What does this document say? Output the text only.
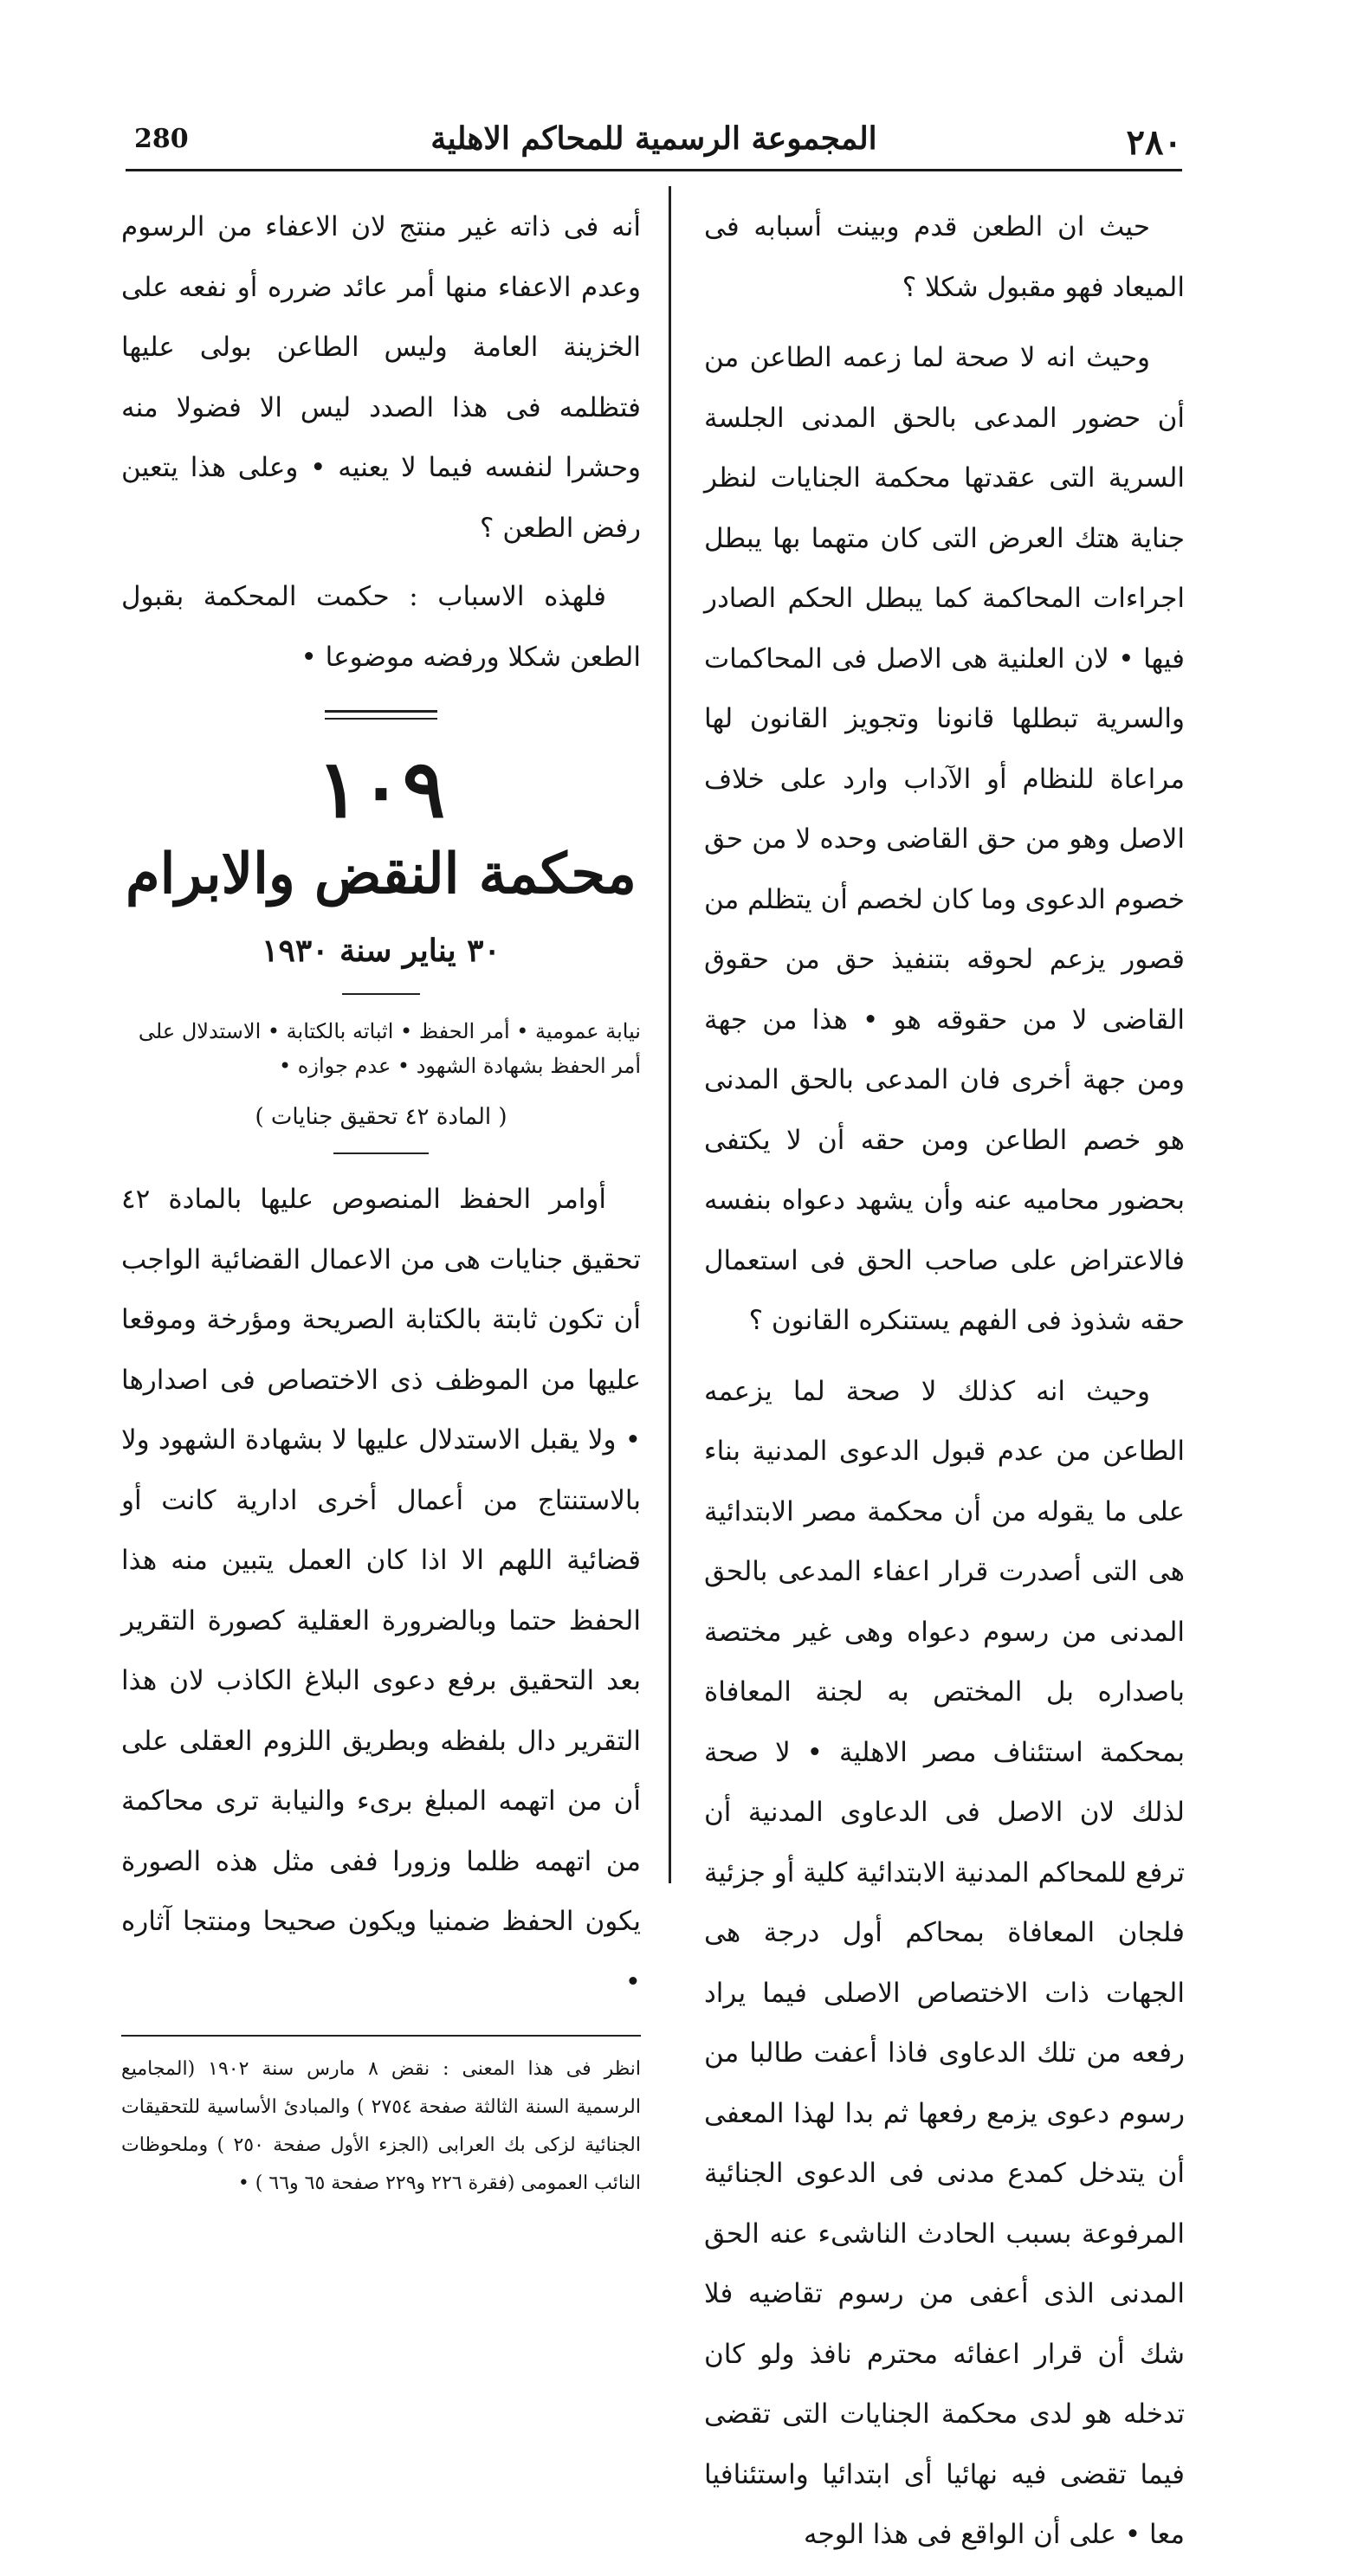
٢٨٠
المجموعة الرسمية للمحاكم الاهلية
280

حيث ان الطعن قدم وبينت أسبابه فى الميعاد فهو مقبول شكلا ؟

وحيث انه لا صحة لما زعمه الطاعن من أن حضور المدعى بالحق المدنى الجلسة السرية التى عقدتها محكمة الجنايات لنظر جناية هتك العرض التى كان متهما بها يبطل اجراءات المحاكمة كما يبطل الحكم الصادر فيها • لان العلنية هى الاصل فى المحاكمات والسرية تبطلها قانونا وتجويز القانون لها مراعاة للنظام أو الآداب وارد على خلاف الاصل وهو من حق القاضى وحده لا من حق خصوم الدعوى وما كان لخصم أن يتظلم من قصور يزعم لحوقه بتنفيذ حق من حقوق القاضى لا من حقوقه هو • هذا من جهة ومن جهة أخرى فان المدعى بالحق المدنى هو خصم الطاعن ومن حقه أن لا يكتفى بحضور محاميه عنه وأن يشهد دعواه بنفسه فالاعتراض على صاحب الحق فى استعمال حقه شذوذ فى الفهم يستنكره القانون ؟

وحيث انه كذلك لا صحة لما يزعمه الطاعن من عدم قبول الدعوى المدنية بناء على ما يقوله من أن محكمة مصر الابتدائية هى التى أصدرت قرار اعفاء المدعى بالحق المدنى من رسوم دعواه وهى غير مختصة باصداره بل المختص به لجنة المعافاة بمحكمة استئناف مصر الاهلية • لا صحة لذلك لان الاصل فى الدعاوى المدنية أن ترفع للمحاكم المدنية الابتدائية كلية أو جزئية فلجان المعافاة بمحاكم أول درجة هى الجهات ذات الاختصاص الاصلى فيما يراد رفعه من تلك الدعاوى فاذا أعفت طالبا من رسوم دعوى يزمع رفعها ثم بدا لهذا المعفى أن يتدخل كمدع مدنى فى الدعوى الجنائية المرفوعة بسبب الحادث الناشىء عنه الحق المدنى الذى أعفى من رسوم تقاضيه فلا شك أن قرار اعفائه محترم نافذ ولو كان تدخله هو لدى محكمة الجنايات التى تقضى فيما تقضى فيه نهائيا أى ابتدائيا واستئنافيا معا • على أن الواقع فى هذا الوجه

أنه فى ذاته غير منتج لان الاعفاء من الرسوم وعدم الاعفاء منها أمر عائد ضرره أو نفعه على الخزينة العامة وليس الطاعن بولى عليها فتظلمه فى هذا الصدد ليس الا فضولا منه وحشرا لنفسه فيما لا يعنيه • وعلى هذا يتعين رفض الطعن ؟

فلهذه الاسباب : حكمت المحكمة بقبول الطعن شكلا ورفضه موضوعا •

١٠٩
محكمة النقض والابرام
٣٠ يناير سنة ١٩٣٠

نيابة عمومية • أمر الحفظ • اثباته بالكتابة • الاستدلال على أمر الحفظ بشهادة الشهود • عدم جوازه •

( المادة ٤٢ تحقيق جنايات )

أوامر الحفظ المنصوص عليها بالمادة ٤٢ تحقيق جنايات هى من الاعمال القضائية الواجب أن تكون ثابتة بالكتابة الصريحة ومؤرخة وموقعا عليها من الموظف ذى الاختصاص فى اصدارها • ولا يقبل الاستدلال عليها لا بشهادة الشهود ولا بالاستنتاج من أعمال أخرى ادارية كانت أو قضائية اللهم الا اذا كان العمل يتبين منه هذا الحفظ حتما وبالضرورة العقلية كصورة التقرير بعد التحقيق برفع دعوى البلاغ الكاذب لان هذا التقرير دال بلفظه وبطريق اللزوم العقلى على أن من اتهمه المبلغ برىء والنيابة ترى محاكمة من اتهمه ظلما وزورا ففى مثل هذه الصورة يكون الحفظ ضمنيا ويكون صحيحا ومنتجا آثاره •

انظر فى هذا المعنى : نقض ٨ مارس سنة ١٩٠٢ (المجاميع الرسمية السنة الثالثة صفحة ٢٧٥٤ ) والمبادئ الأساسية للتحقيقات الجنائية لزكى بك العرابى (الجزء الأول صفحة ٢٥٠ ) وملحوظات النائب العمومى (فقرة ٢٢٦ و٢٢٩ صفحة ٦٥ و٦٦ ) •
